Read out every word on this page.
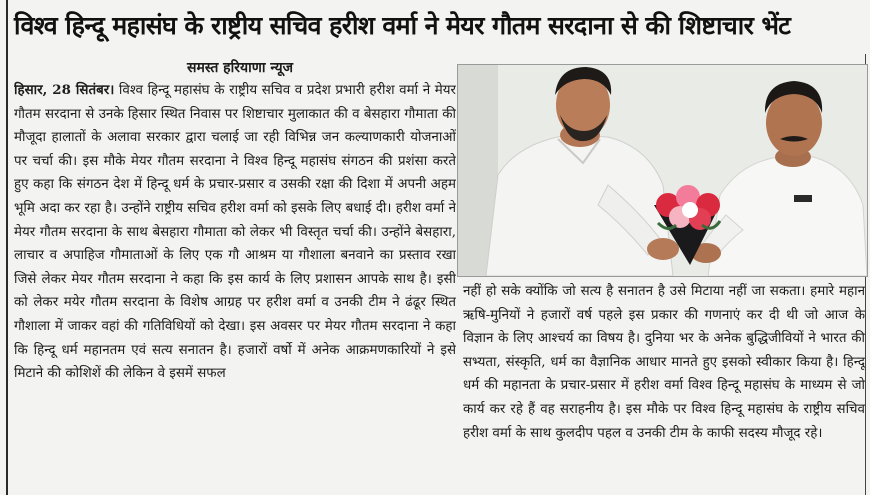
विश्व हिन्दू महासंघ के राष्ट्रीय सचिव हरीश वर्मा ने मेयर गौतम सरदाना से की शिष्टाचार भेंट
समस्त हरियाणा न्यूज

हिसार, 28 सितंबर। विश्व हिन्दू महासंघ के राष्ट्रीय सचिव व प्रदेश प्रभारी हरीश वर्मा ने मेयर गौतम सरदाना से उनके हिसार स्थित निवास पर शिष्टाचार मुलाकात की व बेसहारा गौमाता की मौजूदा हालातों के अलावा सरकार द्वारा चलाई जा रही विभिन्न जन कल्याणकारी योजनाओं पर चर्चा की। इस मौके मेयर गौतम सरदाना ने विश्व हिन्दू महासंघ संगठन की प्रशंसा करते हुए कहा कि संगठन देश में हिन्दू धर्म के प्रचार-प्रसार व उसकी रक्षा की दिशा में अपनी अहम भूमि अदा कर रहा है। उन्होंने राष्ट्रीय सचिव हरीश वर्मा को इसके लिए बधाई दी। हरीश वर्मा ने मेयर गौतम सरदाना के साथ बेसहारा गौमाता को लेकर भी विस्तृत चर्चा की। उन्होंने बेसहारा, लाचार व अपाहिज गौमाताओं के लिए एक गौ आश्रम या गौशाला बनवाने का प्रस्ताव रखा जिसे लेकर मेयर गौतम सरदाना ने कहा कि इस कार्य के लिए प्रशासन आपके साथ है। इसी को लेकर मयेर गौतम सरदाना के विशेष आग्रह पर हरीश वर्मा व उनकी टीम ने ढंढूर स्थित गौशाला में जाकर वहां की गतिविधियों को देखा। इस अवसर पर मेयर गौतम सरदाना ने कहा कि हिन्दू धर्म महानतम एवं सत्य सनातन है। हजारों वर्षो में अनेक आक्रमणकारियों ने इसे मिटाने की कोशिशें की लेकिन वे इसमें सफल

नहीं हो सके क्योंकि जो सत्य है सनातन है उसे मिटाया नहीं जा सकता। हमारे महान ऋषि-मुनियों ने हजारों वर्ष पहले इस प्रकार की गणनाएं कर दी थी जो आज के विज्ञान के लिए आश्चर्य का विषय है। दुनिया भर के अनेक बुद्धिजीवियों ने भारत की सभ्यता, संस्कृति, धर्म का वैज्ञानिक आधार मानते हुए इसको स्वीकार किया है। हिन्दू धर्म की महानता के प्रचार-प्रसार में हरीश वर्मा विश्व हिन्दू महासंघ के माध्यम से जो कार्य कर रहे हैं वह सराहनीय है। इस मौके पर विश्व हिन्दू महासंघ के राष्ट्रीय सचिव हरीश वर्मा के साथ कुलदीप पहल व उनकी टीम के काफी सदस्य मौजूद रहे।
